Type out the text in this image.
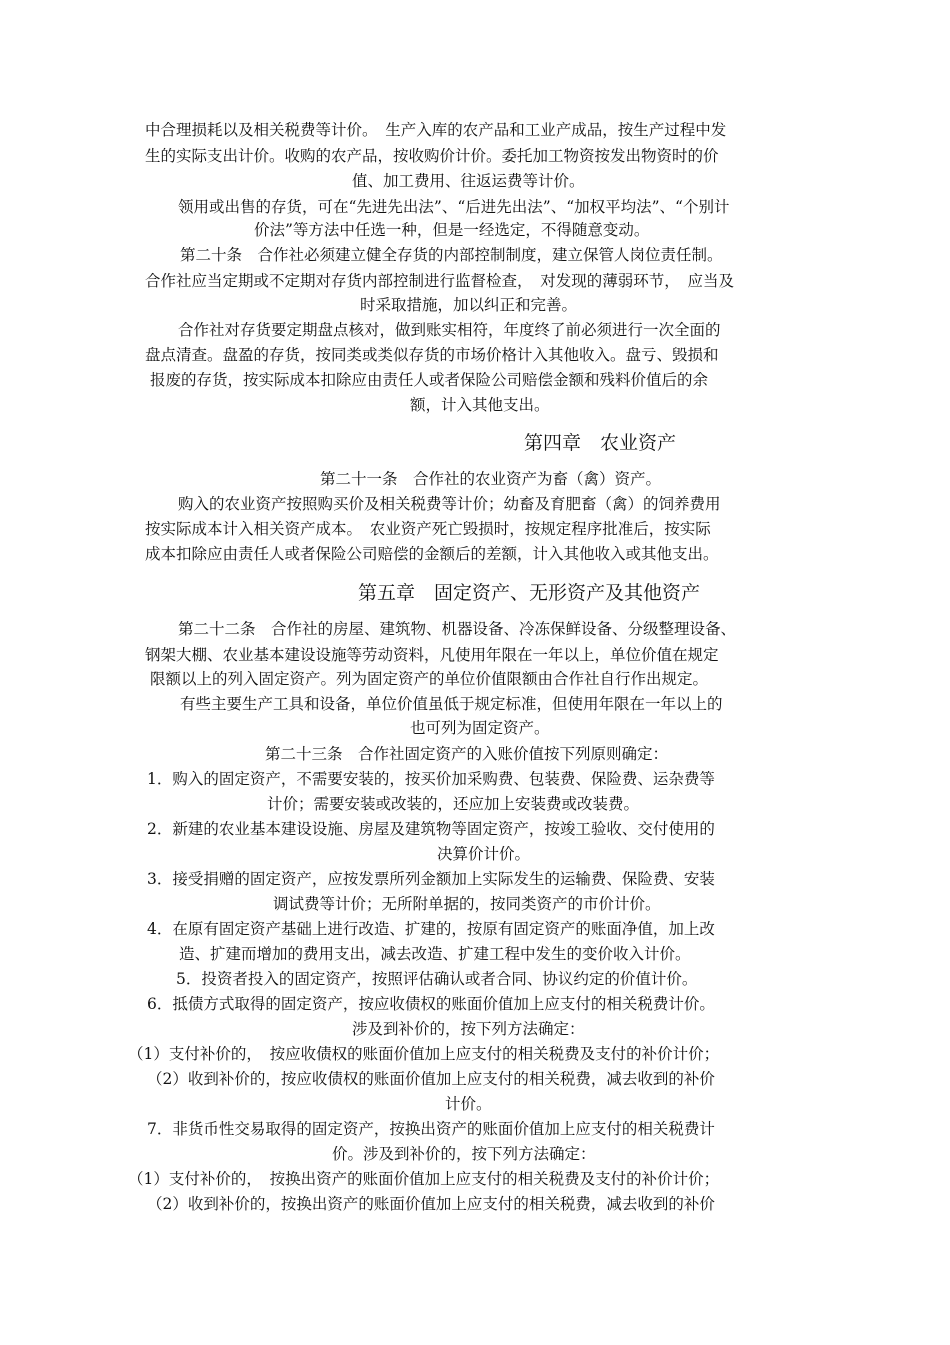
中合理损耗以及相关税费等计价。　生产入库的农产品和工业产成品，按生产过程中发
生的实际支出计价。收购的农产品，按收购价计价。委托加工物资按发出物资时的价
值、加工费用、往返运费等计价。
领用或出售的存货，可在“先进先出法”、“后进先出法”、“加权平均法”、“个别计
价法”等方法中任选一种，但是一经选定，不得随意变动。
第二十条　合作社必须建立健全存货的内部控制制度，建立保管人岗位责任制。
合作社应当定期或不定期对存货内部控制进行监督检查，　对发现的薄弱环节，　应当及
时采取措施，加以纠正和完善。
合作社对存货要定期盘点核对，做到账实相符，年度终了前必须进行一次全面的
盘点清查。盘盈的存货，按同类或类似存货的市场价格计入其他收入。盘亏、毁损和
报废的存货，按实际成本扣除应由责任人或者保险公司赔偿金额和残料价值后的余
额，计入其他支出。
第四章　农业资产
第二十一条　合作社的农业资产为畜（禽）资产。
购入的农业资产按照购买价及相关税费等计价；幼畜及育肥畜（禽）的饲养费用
按实际成本计入相关资产成本。　农业资产死亡毁损时，按规定程序批准后，按实际
成本扣除应由责任人或者保险公司赔偿的金额后的差额，计入其他收入或其他支出。
第五章　固定资产、无形资产及其他资产
第二十二条　合作社的房屋、建筑物、机器设备、冷冻保鲜设备、分级整理设备、
钢架大棚、农业基本建设设施等劳动资料，凡使用年限在一年以上，单位价值在规定
限额以上的列入固定资产。列为固定资产的单位价值限额由合作社自行作出规定。
有些主要生产工具和设备，单位价值虽低于规定标准，但使用年限在一年以上的
也可列为固定资产。
第二十三条　合作社固定资产的入账价值按下列原则确定：
1．购入的固定资产，不需要安装的，按买价加采购费、包装费、保险费、运杂费等
计价；需要安装或改装的，还应加上安装费或改装费。
2．新建的农业基本建设设施、房屋及建筑物等固定资产，按竣工验收、交付使用的
决算价计价。
3．接受捐赠的固定资产，应按发票所列金额加上实际发生的运输费、保险费、安装
调试费等计价；无所附单据的，按同类资产的市价计价。
4．在原有固定资产基础上进行改造、扩建的，按原有固定资产的账面净值，加上改
造、扩建而增加的费用支出，减去改造、扩建工程中发生的变价收入计价。
5．投资者投入的固定资产，按照评估确认或者合同、协议约定的价值计价。
6．抵债方式取得的固定资产，按应收债权的账面价值加上应支付的相关税费计价。
涉及到补价的，按下列方法确定：
（1）支付补价的，　按应收债权的账面价值加上应支付的相关税费及支付的补价计价；
（2）收到补价的，按应收债权的账面价值加上应支付的相关税费，减去收到的补价
计价。
7．非货币性交易取得的固定资产，按换出资产的账面价值加上应支付的相关税费计
价。涉及到补价的，按下列方法确定：
（1）支付补价的，　按换出资产的账面价值加上应支付的相关税费及支付的补价计价；
（2）收到补价的，按换出资产的账面价值加上应支付的相关税费，减去收到的补价
